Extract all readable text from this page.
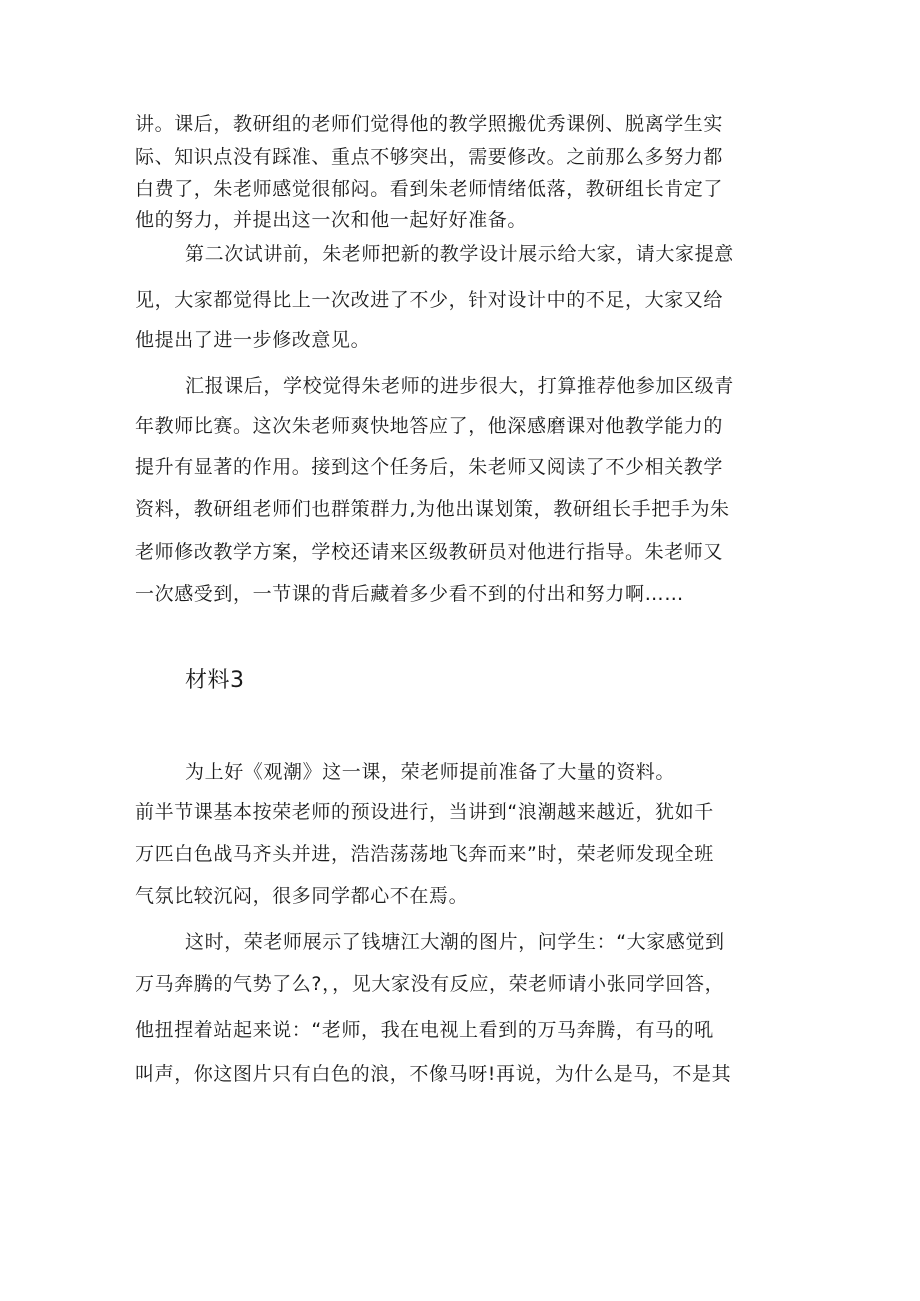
讲。课后，教研组的老师们觉得他的教学照搬优秀课例、脱离学生实
际、知识点没有踩准、重点不够突出，需要修改。之前那么多努力都
白费了，朱老师感觉很郁闷。看到朱老师情绪低落，教研组长肯定了
他的努力，并提出这一次和他一起好好准备。
第二次试讲前，朱老师把新的教学设计展示给大家，请大家提意
见，大家都觉得比上一次改进了不少，针对设计中的不足，大家又给
他提出了进一步修改意见。
汇报课后，学校觉得朱老师的进步很大，打算推荐他参加区级青
年教师比赛。这次朱老师爽快地答应了，他深感磨课对他教学能力的
提升有显著的作用。接到这个任务后，朱老师又阅读了不少相关教学
资料，教研组老师们也群策群力,为他出谋划策，教研组长手把手为朱
老师修改教学方案，学校还请来区级教研员对他进行指导。朱老师又
一次感受到，一节课的背后藏着多少看不到的付出和努力啊……
材料3
为上好《观潮》这一课，荣老师提前准备了大量的资料。
前半节课基本按荣老师的预设进行，当讲到“浪潮越来越近，犹如千
万匹白色战马齐头并进，浩浩荡荡地飞奔而来”时，荣老师发现全班
气氛比较沉闷，很多同学都心不在焉。
这时，荣老师展示了钱塘江大潮的图片，问学生：“大家感觉到
万马奔腾的气势了么?，，见大家没有反应，荣老师请小张同学回答，
他扭捏着站起来说：“老师，我在电视上看到的万马奔腾，有马的吼
叫声，你这图片只有白色的浪，不像马呀!再说，为什么是马，不是其
